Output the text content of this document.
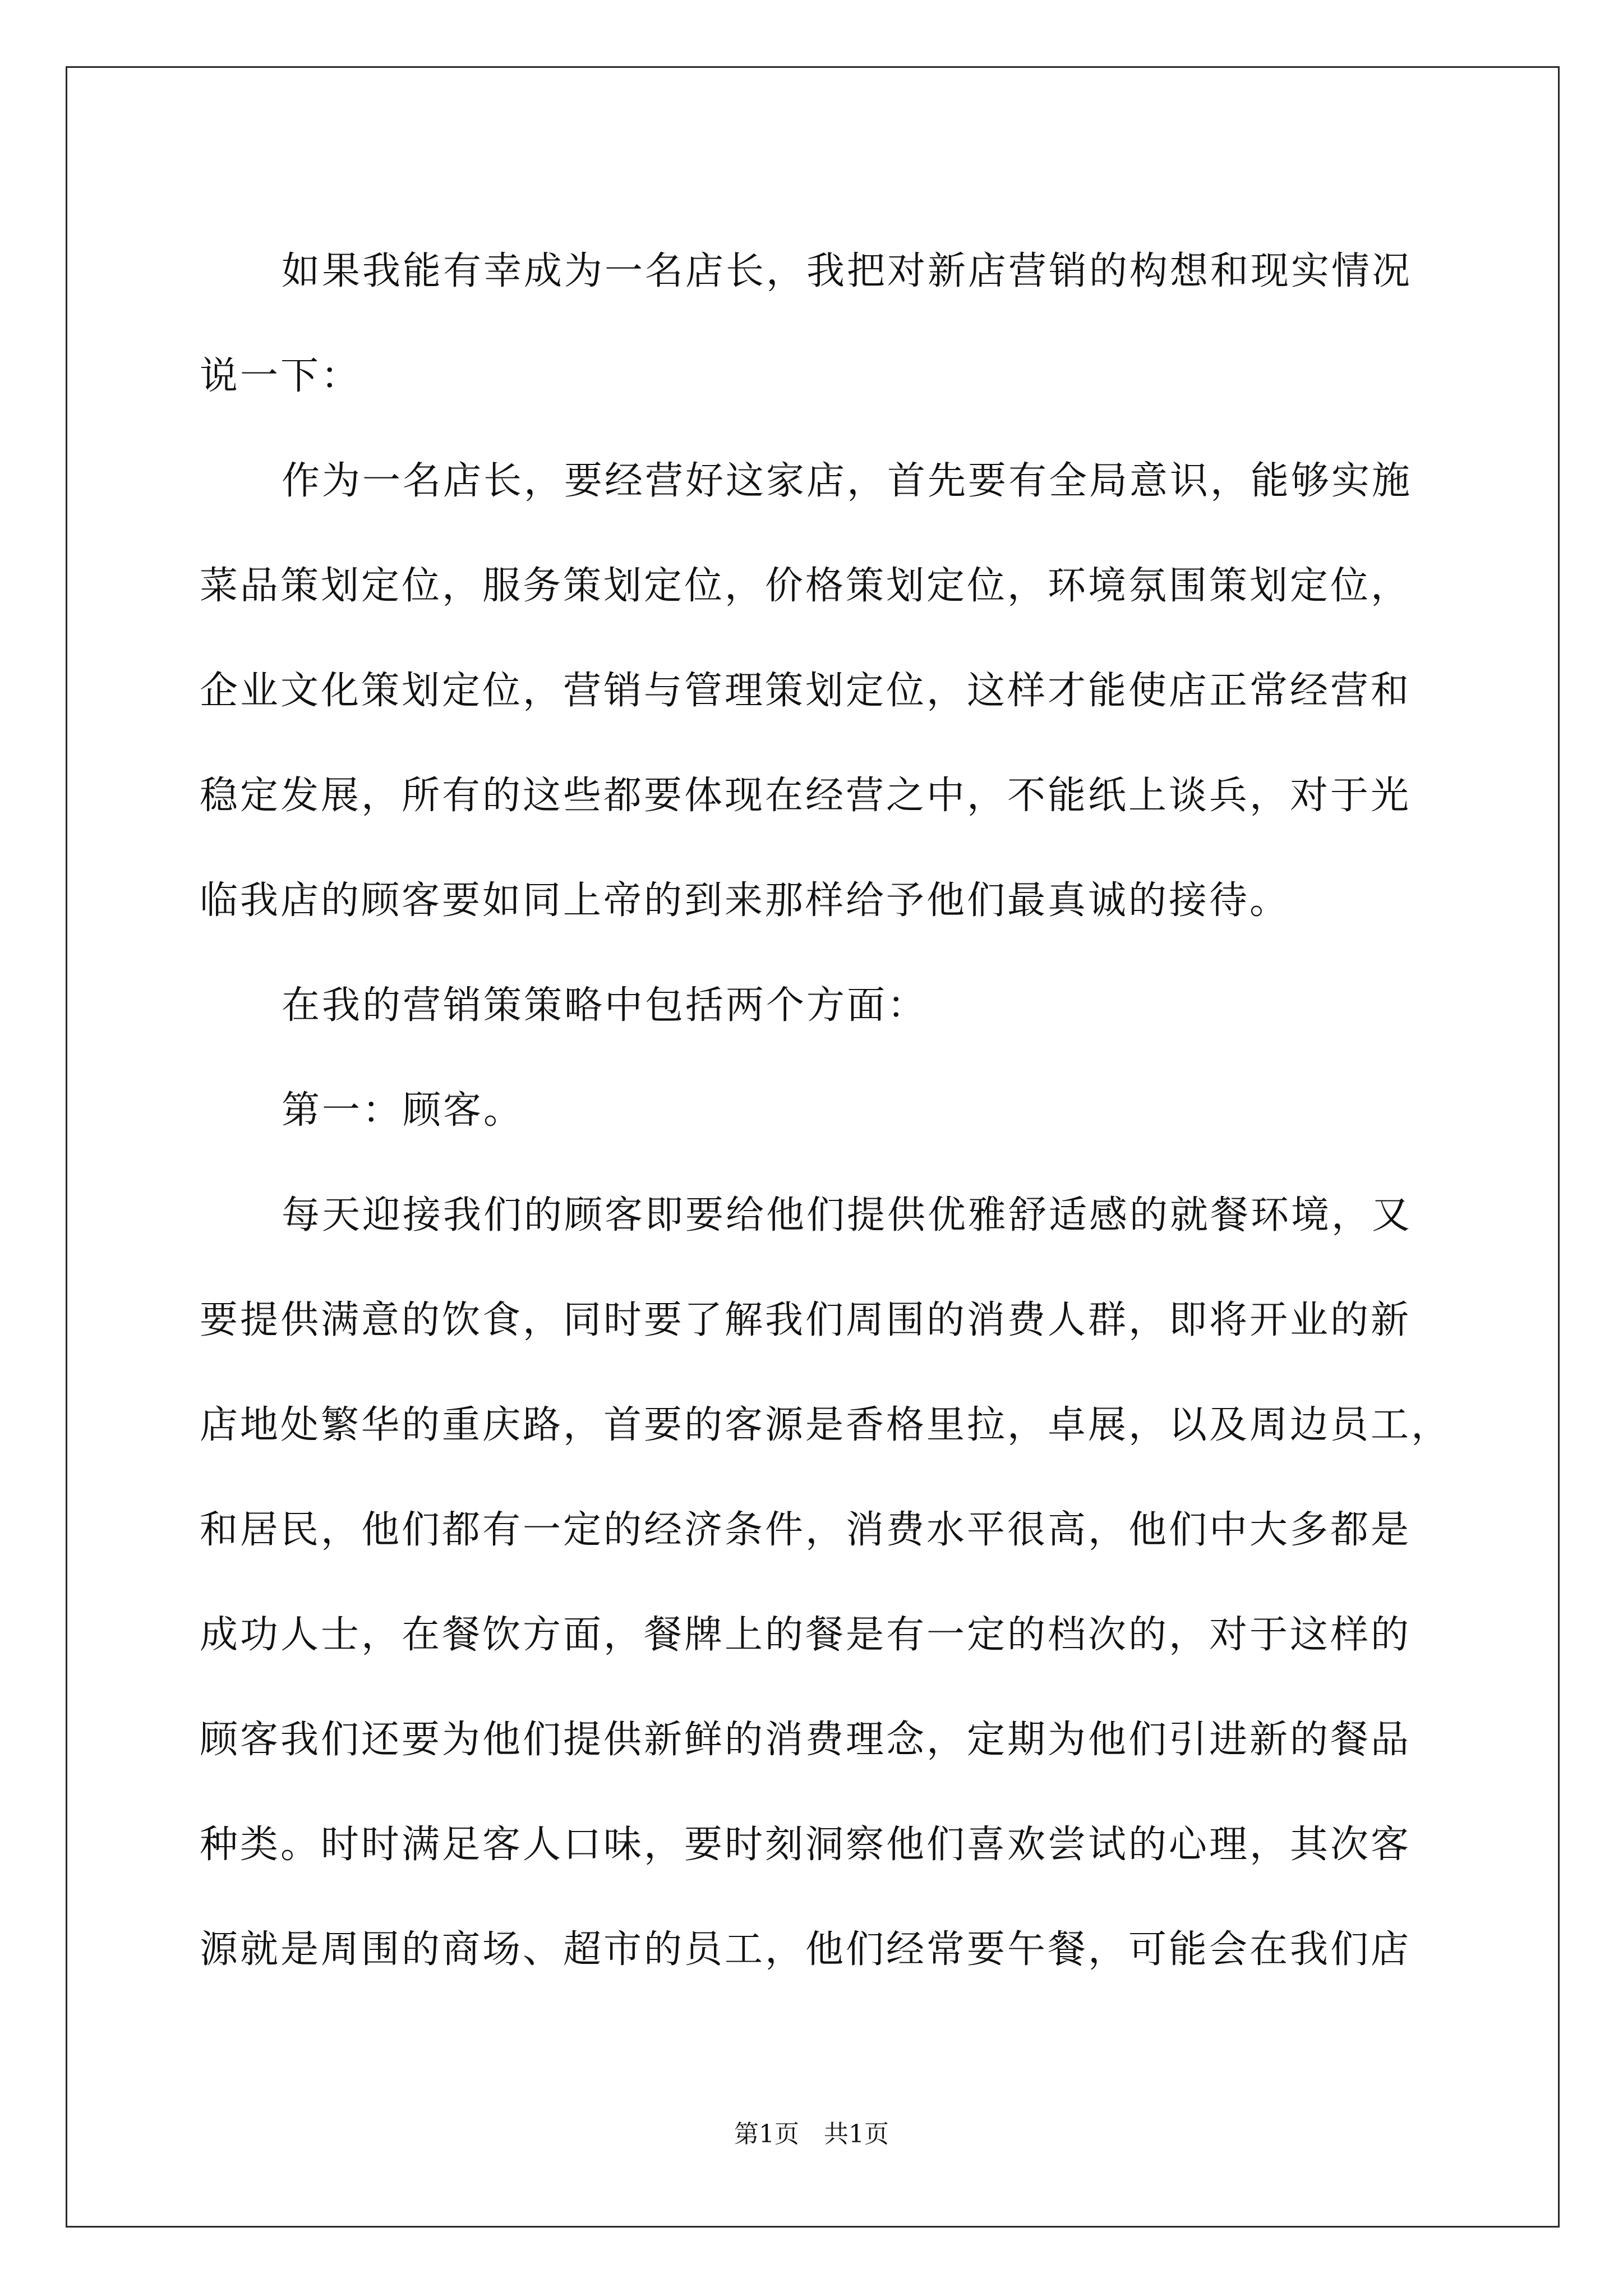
如果我能有幸成为一名店长，我把对新店营销的构想和现实情况
说一下：

作为一名店长，要经营好这家店，首先要有全局意识，能够实施
菜品策划定位，服务策划定位，价格策划定位，环境氛围策划定位，
企业文化策划定位，营销与管理策划定位，这样才能使店正常经营和
稳定发展，所有的这些都要体现在经营之中，不能纸上谈兵，对于光
临我店的顾客要如同上帝的到来那样给予他们最真诚的接待。

在我的营销策策略中包括两个方面：

第一：顾客。

每天迎接我们的顾客即要给他们提供优雅舒适感的就餐环境，又
要提供满意的饮食，同时要了解我们周围的消费人群，即将开业的新
店地处繁华的重庆路，首要的客源是香格里拉，卓展，以及周边员工，
和居民，他们都有一定的经济条件，消费水平很高，他们中大多都是
成功人士，在餐饮方面，餐牌上的餐是有一定的档次的，对于这样的
顾客我们还要为他们提供新鲜的消费理念，定期为他们引进新的餐品
种类。时时满足客人口味，要时刻洞察他们喜欢尝试的心理，其次客
源就是周围的商场、超市的员工，他们经常要午餐，可能会在我们店

第1页　共1页
